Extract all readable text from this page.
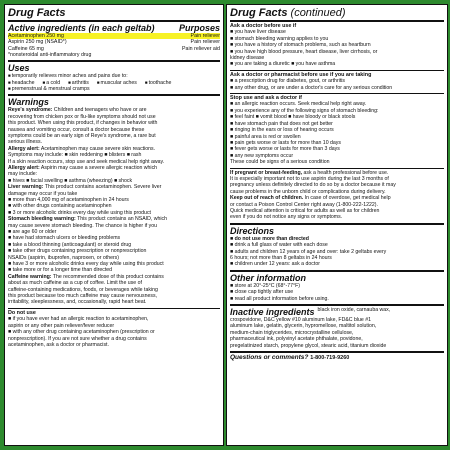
Drug Facts
Active ingredients (in each geltab)	Purposes
Acetaminophen 250 mg	Pain reliever
Aspirin 250 mg (NSAID*)	Pain reliever
Caffeine 65 mg	Pain reliever aid
*nonsteroidal anti-inflammatory drug
Uses
■ temporarily relieves minor aches and pains due to:
■ headache	■ a cold	■ arthritis	■ muscular aches	■ toothache
■ premenstrual & menstrual cramps
Warnings
Reye's syndrome: Children and teenagers who have or are
recovering from chicken pox or flu-like symptoms should not use
this product. When using this product, if changes in behavior with
nausea and vomiting occur, consult a doctor because these
symptoms could be an early sign of Reye's syndrome, a rare but
serious illness.
Allergy alert: Acetaminophen may cause severe skin reactions.
Symptoms may include: ■ skin reddening ■ blisters ■ rash
If a skin reaction occurs, stop use and seek medical help right away.
Allergy alert: Aspirin may cause a severe allergic reaction which
may include:
■ hives ■ facial swelling ■ asthma (wheezing) ■ shock
Liver warning: This product contains acetaminophen. Severe liver
damage may occur if you take
■ more than 4,000 mg of acetaminophen in 24 hours
■ with other drugs containing acetaminophen
■ 3 or more alcoholic drinks every day while using this product
Stomach bleeding warning: This product contains an NSAID, which
may cause severe stomach bleeding. The chance is higher if you
■ are age 60 or older
■ have had stomach ulcers or bleeding problems
■ take a blood thinning (anticoagulant) or steroid drug
■ take other drugs containing prescription or nonprescription
NSAIDs (aspirin, ibuprofen, naproxen, or others)
■ have 3 or more alcoholic drinks every day while using this product
■ take more or for a longer time than directed
Caffeine warning: The recommended dose of this product contains
about as much caffeine as a cup of coffee. Limit the use of
caffeine-containing medications, foods, or beverages while taking
this product because too much caffeine may cause nervousness,
irritability, sleeplessness, and, occasionally, rapid heart beat.
Do not use
■ if you have ever had an allergic reaction to acetaminophen,
aspirin or any other pain reliever/fever reducer
■ with any other drug containing acetaminophen (prescription or
nonprescription). If you are not sure whether a drug contains
acetaminophen, ask a doctor or pharmacist.
Drug Facts (continued)
Ask a doctor before use if
■ you have liver disease
■ stomach bleeding warning applies to you
■ you have a history of stomach problems, such as heartburn
■ you have high blood pressure, heart disease, liver cirrhosis, or
kidney disease
■ you are taking a diuretic ■ you have asthma
Ask a doctor or pharmacist before use if you are taking
■ a prescription drug for diabetes, gout, or arthritis
■ any other drug, or are under a doctor's care for any serious condition
Stop use and ask a doctor if
■ an allergic reaction occurs. Seek medical help right away.
■ you experience any of the following signs of stomach bleeding:
■ feel faint ■ vomit blood ■ have bloody or black stools
■ have stomach pain that does not get better
■ ringing in the ears or loss of hearing occurs
■ painful area is red or swollen
■ pain gets worse or lasts for more than 10 days
■ fever gets worse or lasts for more than 3 days
■ any new symptoms occur
These could be signs of a serious condition
If pregnant or breast-feeding, ask a health professional before use.
It is especially important not to use aspirin during the last 3 months of
pregnancy unless definitely directed to do so by a doctor because it may
cause problems in the unborn child or complications during delivery.
Keep out of reach of children. In case of overdose, get medical help
or contact a Poison Control Center right away (1-800-222-1222).
Quick medical attention is critical for adults as well as for children
even if you do not notice any signs or symptoms.
Directions
■ do not use more than directed
■ drink a full glass of water with each dose
■ adults and children 12 years of age and over: take 2 geltabs every
6 hours; not more than 8 geltabs in 24 hours
■ children under 12 years: ask a doctor
Other information
■ store at 20°-25°C (68°-77°F)
■ close cap tightly after use
■ read all product information before using.
Inactive ingredients black iron oxide, carnauba wax,
crospovidone, D&C yellow #10 aluminum lake, FD&C blue #1
aluminum lake, gelatin, glycerin, hypromellose, maltitol solution,
medium-chain triglycerides, microcrystalline cellulose,
pharmaceutical ink, polyvinyl acetate phthalate, povidone,
pregelatinized starch, propylene glycol, stearic acid, titanium dioxide
Questions or comments? 1-800-719-9260
